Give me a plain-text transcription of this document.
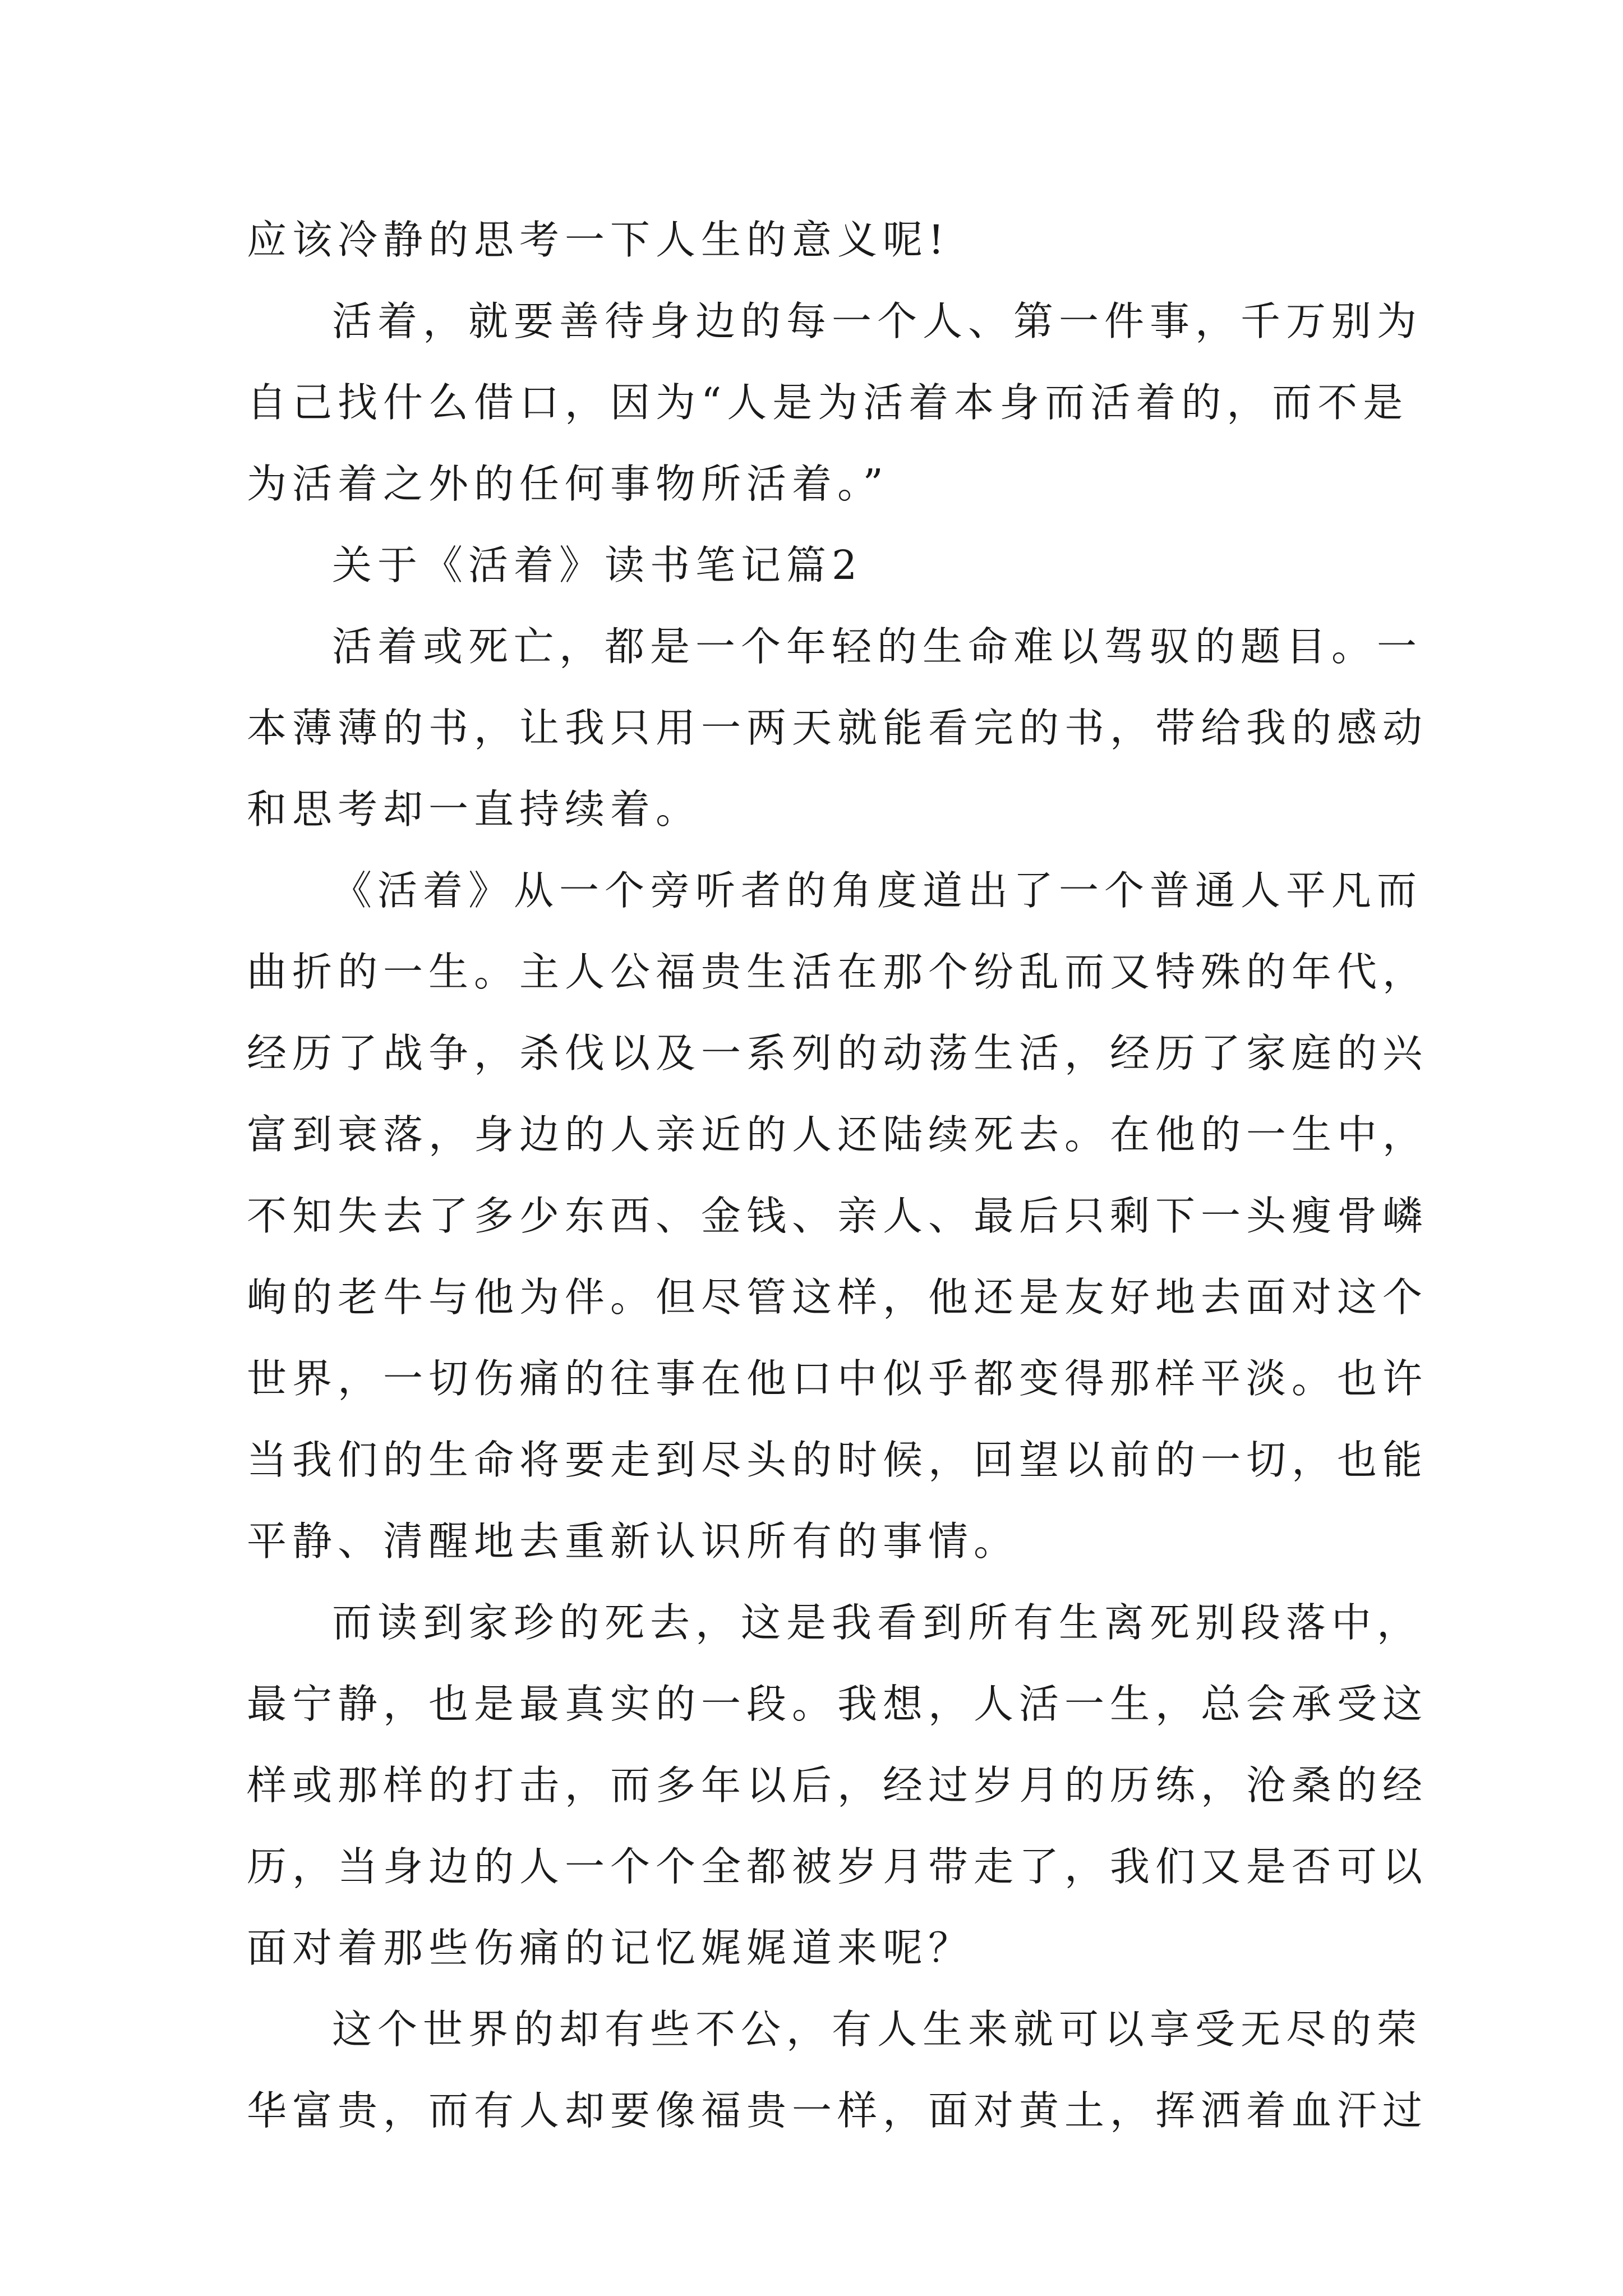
应该冷静的思考一下人生的意义呢!
活着，就要善待身边的每一个人、第一件事，千万别为
自己找什么借口，因为“人是为活着本身而活着的，而不是
为活着之外的任何事物所活着。”
关于《活着》读书笔记篇2
活着或死亡，都是一个年轻的生命难以驾驭的题目。一
本薄薄的书，让我只用一两天就能看完的书，带给我的感动
和思考却一直持续着。
《活着》从一个旁听者的角度道出了一个普通人平凡而
曲折的一生。主人公福贵生活在那个纷乱而又特殊的年代，
经历了战争，杀伐以及一系列的动荡生活，经历了家庭的兴
富到衰落，身边的人亲近的人还陆续死去。在他的一生中，
不知失去了多少东西、金钱、亲人、最后只剩下一头瘦骨嶙
峋的老牛与他为伴。但尽管这样，他还是友好地去面对这个
世界，一切伤痛的往事在他口中似乎都变得那样平淡。也许
当我们的生命将要走到尽头的时候，回望以前的一切，也能
平静、清醒地去重新认识所有的事情。
而读到家珍的死去，这是我看到所有生离死别段落中，
最宁静，也是最真实的一段。我想，人活一生，总会承受这
样或那样的打击，而多年以后，经过岁月的历练，沧桑的经
历，当身边的人一个个全都被岁月带走了，我们又是否可以
面对着那些伤痛的记忆娓娓道来呢？
这个世界的却有些不公，有人生来就可以享受无尽的荣
华富贵，而有人却要像福贵一样，面对黄土，挥洒着血汗过
